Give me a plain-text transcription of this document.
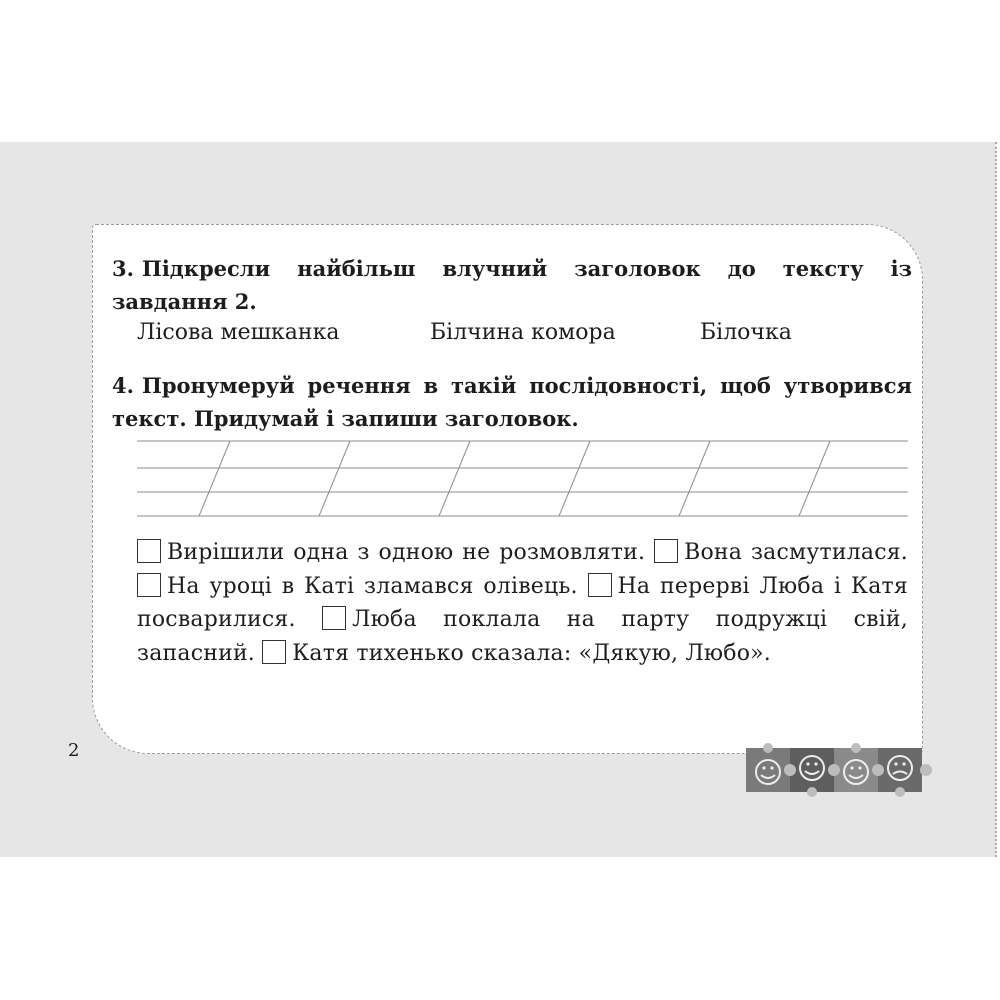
3. Підкресли найбільш влучний заголовок до тексту із завдання 2.
Лісова мешканка	Білчина комора	Білочка
4. Пронумеруй речення в такій послідовності, щоб утворився текст. Придумай і запиши заголовок.
Вирішили одна з одною не розмовляти. Вона засмутилася. На уроці в Каті зламався олівець. На перерві Люба і Катя посварилися.	Люба поклала на парту подружці свій, запасний. Катя тихенько сказала: «Дякую, Любо».
2
